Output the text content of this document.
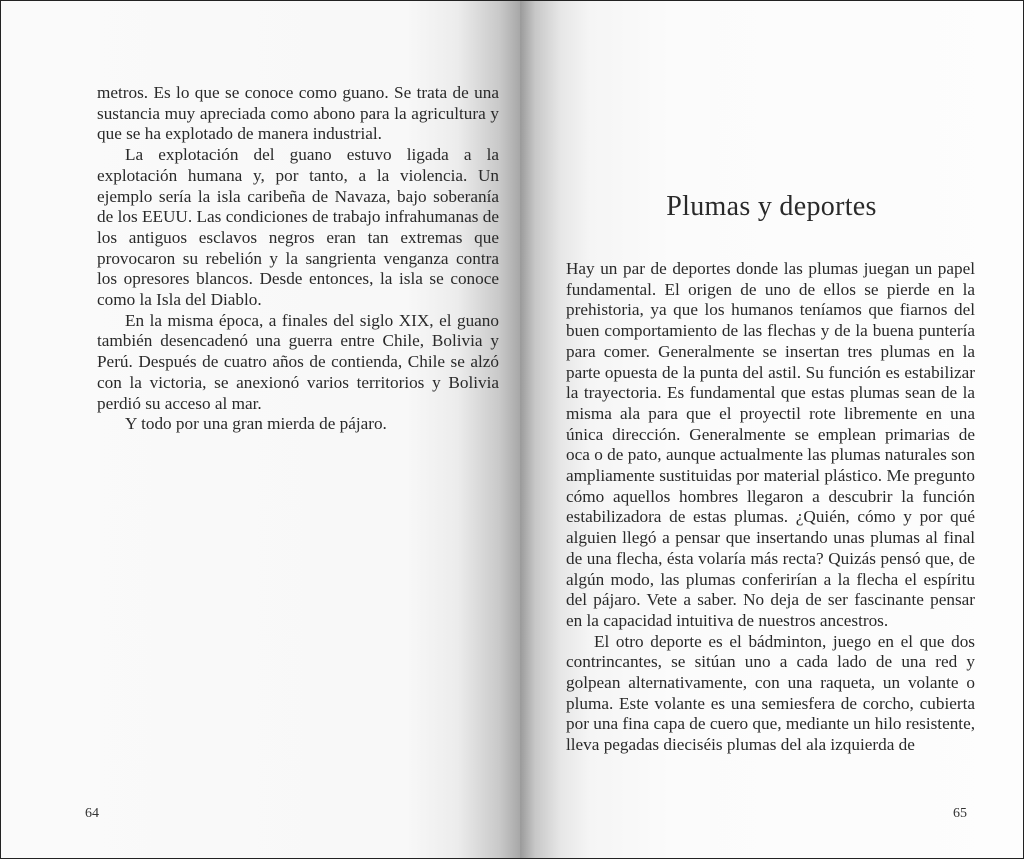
metros. Es lo que se conoce como guano. Se trata de una sustancia muy apreciada como abono para la agricultura y que se ha explotado de manera industrial.

La explotación del guano estuvo ligada a la explotación humana y, por tanto, a la violencia. Un ejemplo sería la isla caribeña de Navaza, bajo soberanía de los EEUU. Las condiciones de trabajo infrahumanas de los antiguos esclavos negros eran tan extremas que provocaron su rebelión y la sangrienta venganza contra los opresores blancos. Desde entonces, la isla se conoce como la Isla del Diablo.

En la misma época, a finales del siglo XIX, el guano también desencadenó una guerra entre Chile, Bolivia y Perú. Después de cuatro años de contienda, Chile se alzó con la victoria, se anexionó varios territorios y Bolivia perdió su acceso al mar.

Y todo por una gran mierda de pájaro.

64
Plumas y deportes

Hay un par de deportes donde las plumas juegan un papel fundamental. El origen de uno de ellos se pierde en la prehistoria, ya que los humanos teníamos que fiarnos del buen comportamiento de las flechas y de la buena puntería para comer. Generalmente se insertan tres plumas en la parte opuesta de la punta del astil. Su función es estabilizar la trayectoria. Es fundamental que estas plumas sean de la misma ala para que el proyectil rote libremente en una única dirección. Generalmente se emplean primarias de oca o de pato, aunque actualmente las plumas naturales son ampliamente sustituidas por material plástico. Me pregunto cómo aquellos hombres llegaron a descubrir la función estabilizadora de estas plumas. ¿Quién, cómo y por qué alguien llegó a pensar que insertando unas plumas al final de una flecha, ésta volaría más recta? Quizás pensó que, de algún modo, las plumas conferirían a la flecha el espíritu del pájaro. Vete a saber. No deja de ser fascinante pensar en la capacidad intuitiva de nuestros ancestros.

El otro deporte es el bádminton, juego en el que dos contrincantes, se sitúan uno a cada lado de una red y golpean alternativamente, con una raqueta, un volante o pluma. Este volante es una semiesfera de corcho, cubierta por una fina capa de cuero que, mediante un hilo resistente, lleva pegadas dieciséis plumas del ala izquierda de

65
